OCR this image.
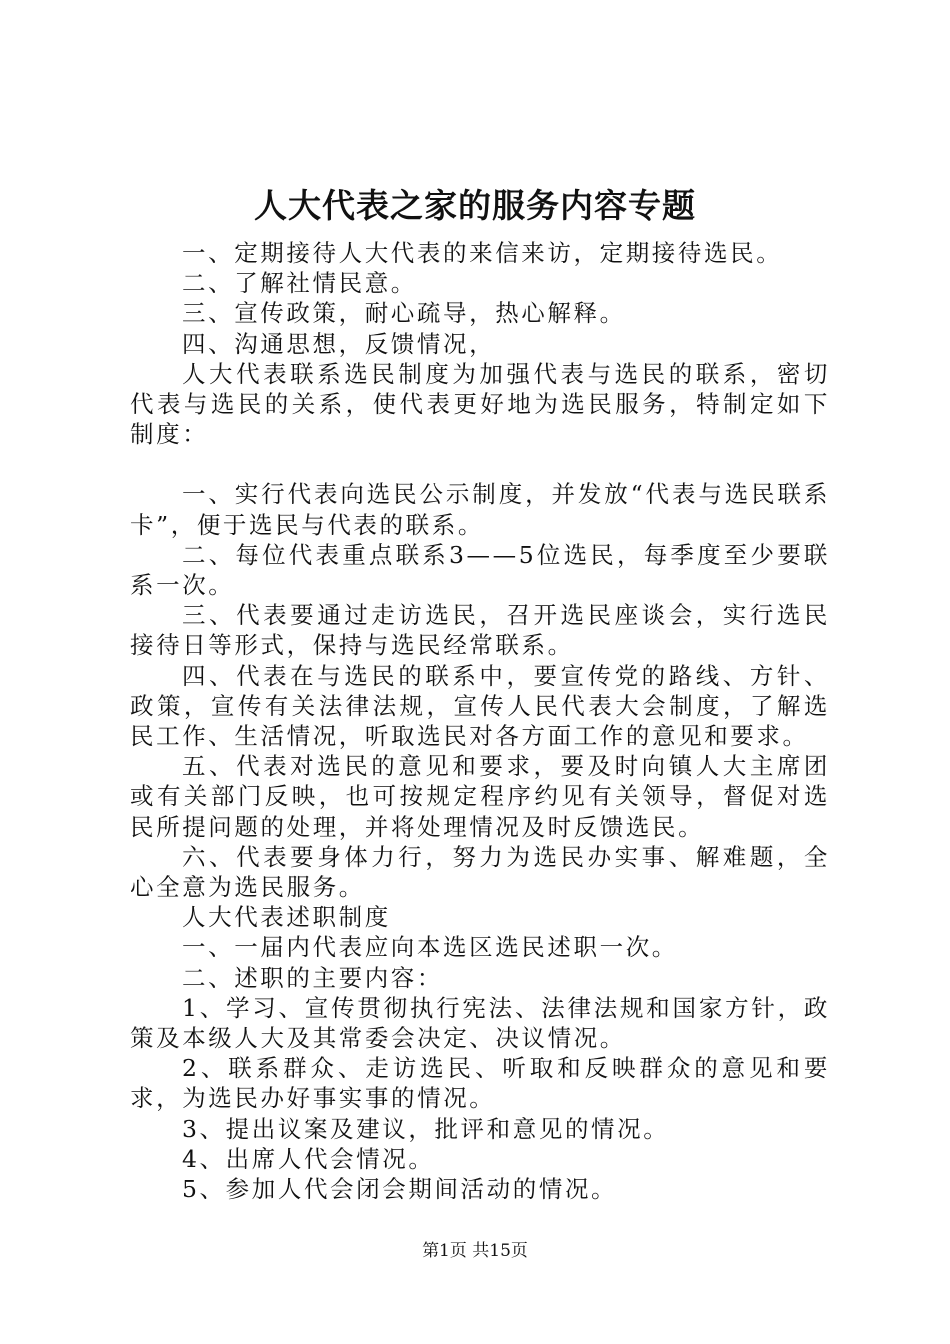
人大代表之家的服务内容专题

一、定期接待人大代表的来信来访，定期接待选民。

二、了解社情民意。

三、宣传政策，耐心疏导，热心解释。

四、沟通思想，反馈情况，

人大代表联系选民制度为加强代表与选民的联系，密切代表与选民的关系，使代表更好地为选民服务，特制定如下制度：

一、实行代表向选民公示制度，并发放“代表与选民联系卡”，便于选民与代表的联系。

二、每位代表重点联系3——5位选民，每季度至少要联系一次。

三、代表要通过走访选民，召开选民座谈会，实行选民接待日等形式，保持与选民经常联系。

四、代表在与选民的联系中，要宣传党的路线、方针、政策，宣传有关法律法规，宣传人民代表大会制度，了解选民工作、生活情况，听取选民对各方面工作的意见和要求。

五、代表对选民的意见和要求，要及时向镇人大主席团或有关部门反映，也可按规定程序约见有关领导，督促对选民所提问题的处理，并将处理情况及时反馈选民。

六、代表要身体力行，努力为选民办实事、解难题，全心全意为选民服务。

人大代表述职制度

一、一届内代表应向本选区选民述职一次。

二、述职的主要内容：

1、学习、宣传贯彻执行宪法、法律法规和国家方针，政策及本级人大及其常委会决定、决议情况。

2、联系群众、走访选民、听取和反映群众的意见和要求，为选民办好事实事的情况。

3、提出议案及建议，批评和意见的情况。

4、出席人代会情况。

5、参加人代会闭会期间活动的情况。

第1页 共15页
